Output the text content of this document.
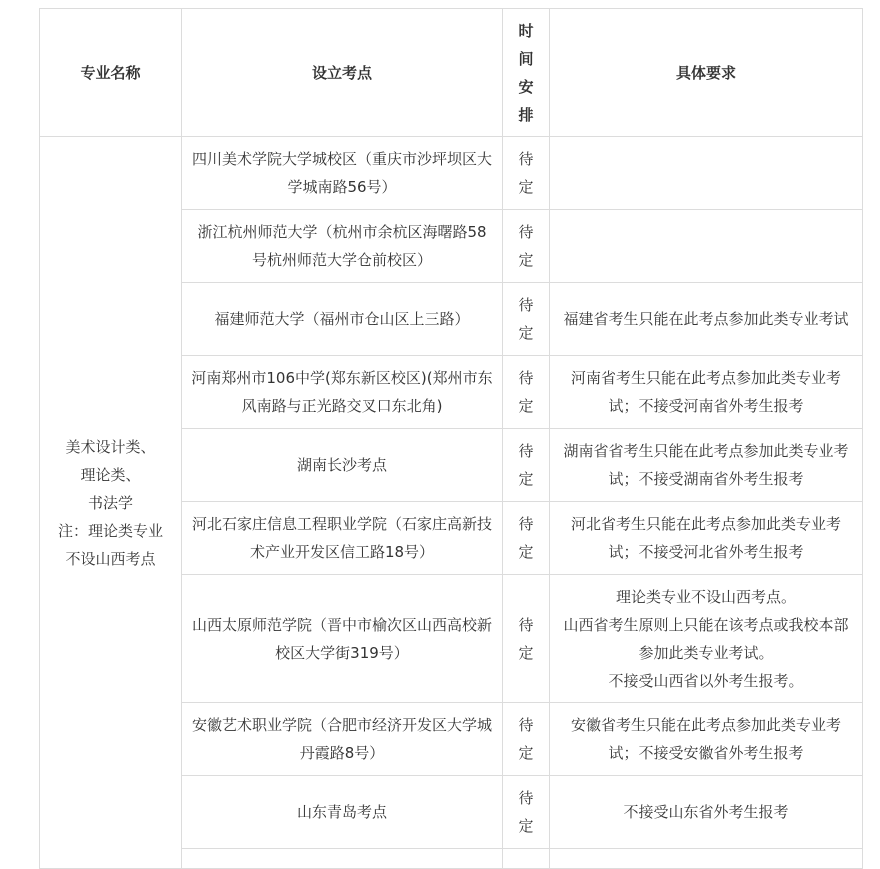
专业名称	设立考点	时
间
安
排	具体要求

美术设计类、
理论类、
书法学
注：理论类专业
不设山西考点	四川美术学院大学城校区（重庆市沙坪坝区大学城南路56号）	待
定	

	浙江杭州师范大学（杭州市余杭区海曙路58号杭州师范大学仓前校区）	待
定	

	福建师范大学（福州市仓山区上三路）	待
定	福建省考生只能在此考点参加此类专业考试

	河南郑州市106中学(郑东新区校区)(郑州市东风南路与正光路交叉口东北角)	待
定	河南省考生只能在此考点参加此类专业考试；不接受河南省外考生报考

	湖南长沙考点	待
定	湖南省省考生只能在此考点参加此类专业考试；不接受湖南省外考生报考

	河北石家庄信息工程职业学院（石家庄高新技术产业开发区信工路18号）	待
定	河北省考生只能在此考点参加此类专业考试；不接受河北省外考生报考

	山西太原师范学院（晋中市榆次区山西高校新校区大学街319号）	待
定	理论类专业不设山西考点。
山西省考生原则上只能在该考点或我校本部参加此类专业考试。
不接受山西省以外考生报考。

	安徽艺术职业学院（合肥市经济开发区大学城丹霞路8号）	待
定	安徽省考生只能在此考点参加此类专业考试；不接受安徽省外考生报考

	山东青岛考点	待
定	不接受山东省外考生报考
